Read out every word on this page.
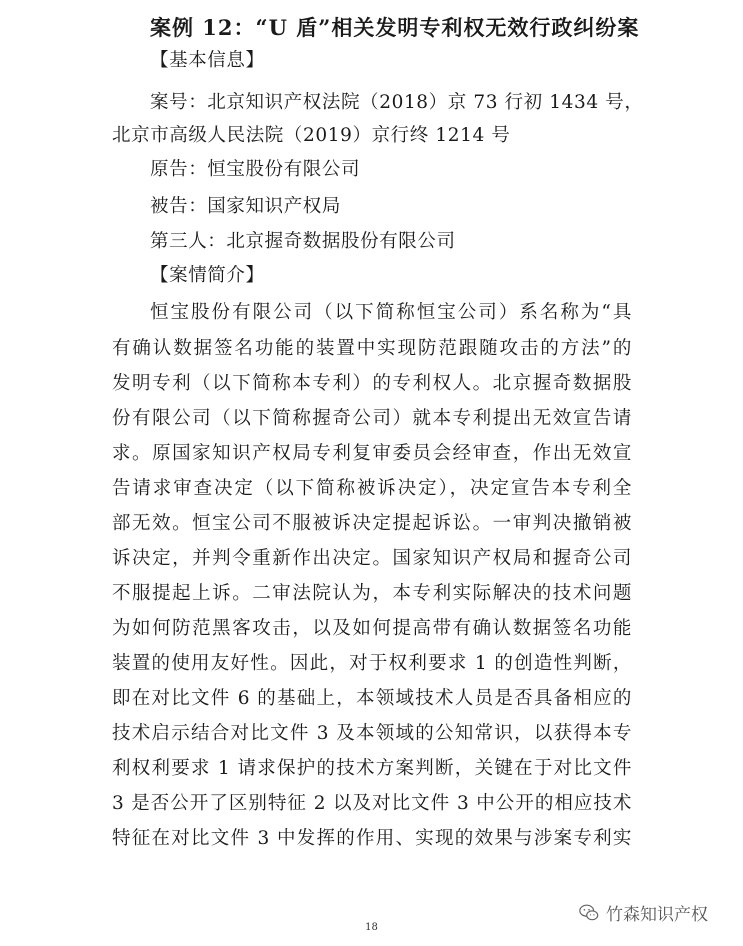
案例 12：“U 盾”相关发明专利权无效行政纠纷案
【基本信息】
案号：北京知识产权法院（2018）京 73 行初 1434 号，
北京市高级人民法院（2019）京行终 1214 号
原告：恒宝股份有限公司
被告：国家知识产权局
第三人：北京握奇数据股份有限公司
【案情简介】
恒宝股份有限公司（以下简称恒宝公司）系名称为“具
有确认数据签名功能的装置中实现防范跟随攻击的方法”的
发明专利（以下简称本专利）的专利权人。北京握奇数据股
份有限公司（以下简称握奇公司）就本专利提出无效宣告请
求。原国家知识产权局专利复审委员会经审查，作出无效宣
告请求审查决定（以下简称被诉决定），决定宣告本专利全
部无效。恒宝公司不服被诉决定提起诉讼。一审判决撤销被
诉决定，并判令重新作出决定。国家知识产权局和握奇公司
不服提起上诉。二审法院认为，本专利实际解决的技术问题
为如何防范黑客攻击，以及如何提高带有确认数据签名功能
装置的使用友好性。因此，对于权利要求 1 的创造性判断，
即在对比文件 6 的基础上，本领域技术人员是否具备相应的
技术启示结合对比文件 3 及本领域的公知常识，以获得本专
利权利要求 1 请求保护的技术方案判断，关键在于对比文件
3 是否公开了区别特征 2 以及对比文件 3 中公开的相应技术
特征在对比文件 3 中发挥的作用、实现的效果与涉案专利实
18
竹森知识产权
